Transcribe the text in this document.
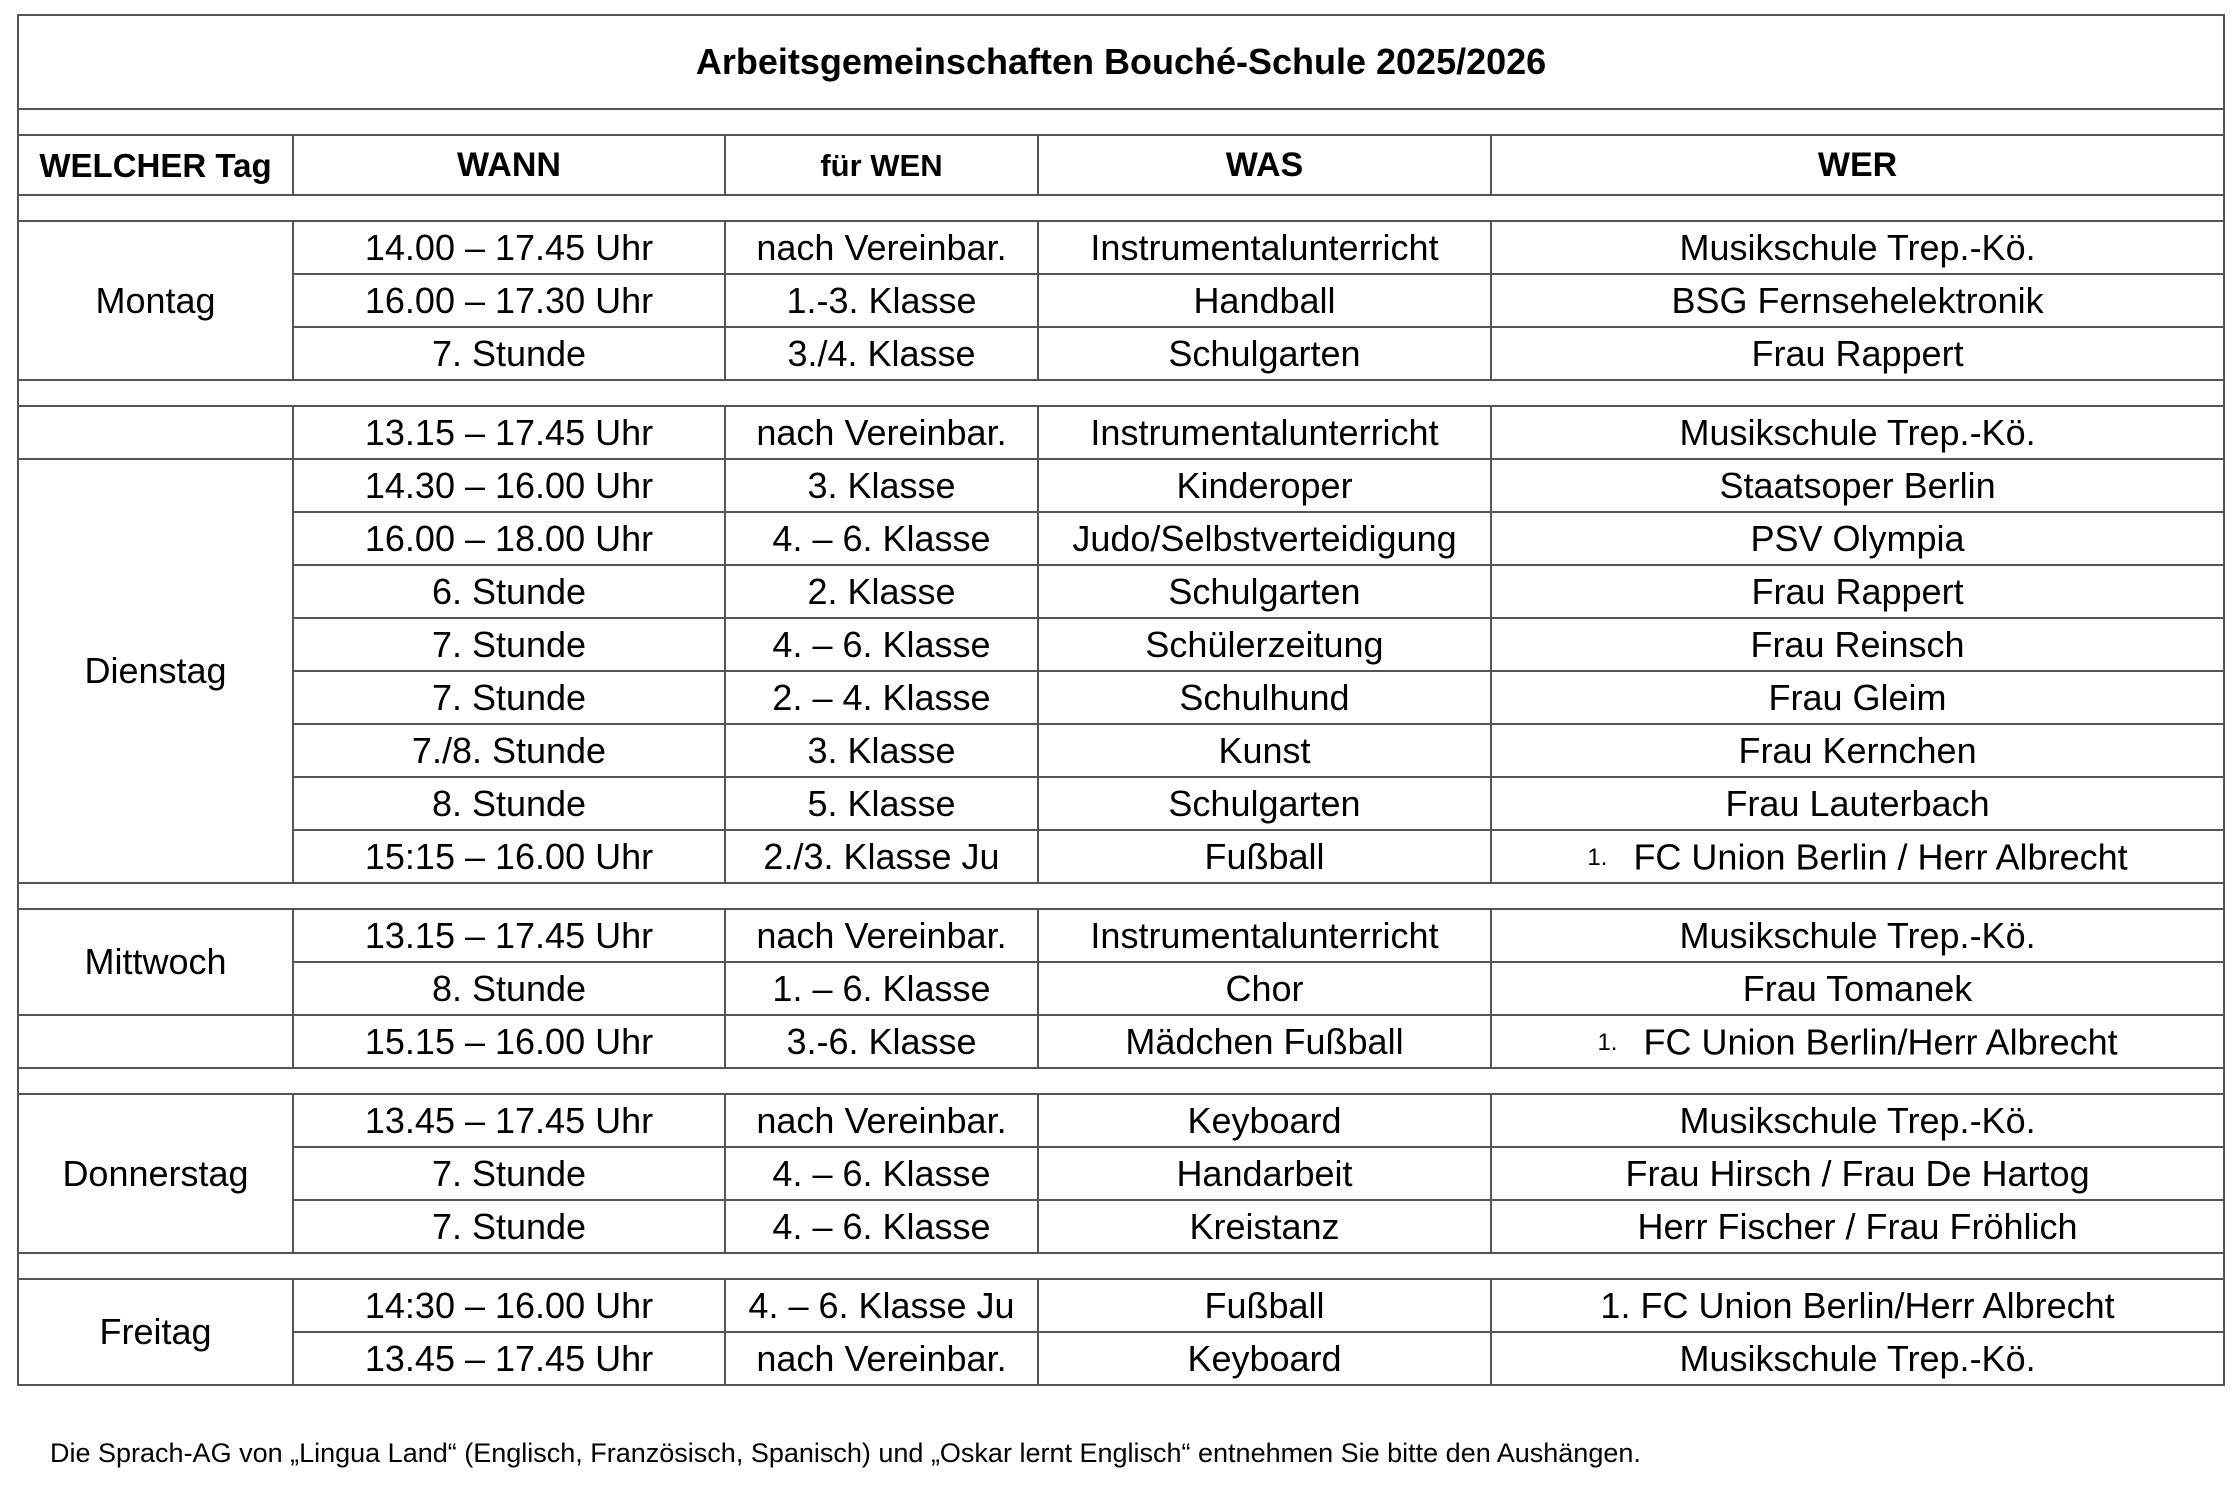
Arbeitsgemeinschaften Bouché-Schule 2025/2026				

WELCHER Tag	WANN	für WEN	WAS	WER

Montag	14.00 – 17.45 Uhr	nach Vereinbar.	Instrumentalunterricht	Musikschule Trep.-Kö.
	16.00 – 17.30 Uhr	1.-3. Klasse	Handball	BSG Fernsehelektronik
	7. Stunde	3./4. Klasse	Schulgarten	Frau Rappert

	13.15 – 17.45 Uhr	nach Vereinbar.	Instrumentalunterricht	Musikschule Trep.-Kö.
Dienstag	14.30 – 16.00 Uhr	3. Klasse	Kinderoper	Staatsoper Berlin
	16.00 – 18.00 Uhr	4. – 6. Klasse	Judo/Selbstverteidigung	PSV Olympia
	6. Stunde	2. Klasse	Schulgarten	Frau Rappert
	7. Stunde	4. – 6. Klasse	Schülerzeitung	Frau Reinsch
	7. Stunde	2. – 4. Klasse	Schulhund	Frau Gleim
	7./8. Stunde	3. Klasse	Kunst	Frau Kernchen
	8. Stunde	5. Klasse	Schulgarten	Frau Lauterbach
	15:15 – 16.00 Uhr	2./3. Klasse Ju	Fußball	1. FC Union Berlin / Herr Albrecht

Mittwoch	13.15 – 17.45 Uhr	nach Vereinbar.	Instrumentalunterricht	Musikschule Trep.-Kö.
	8. Stunde	1. – 6. Klasse	Chor	Frau Tomanek
	15.15 – 16.00 Uhr	3.-6. Klasse	Mädchen Fußball	1. FC Union Berlin/Herr Albrecht

Donnerstag	13.45 – 17.45 Uhr	nach Vereinbar.	Keyboard	Musikschule Trep.-Kö.
	7. Stunde	4. – 6. Klasse	Handarbeit	Frau Hirsch / Frau De Hartog
	7. Stunde	4. – 6. Klasse	Kreistanz	Herr Fischer / Frau Fröhlich

Freitag	14:30 – 16.00 Uhr	4. – 6. Klasse Ju	Fußball	1. FC Union Berlin/Herr Albrecht
	13.45 – 17.45 Uhr	nach Vereinbar.	Keyboard	Musikschule Trep.-Kö.
Die Sprach-AG von „Lingua Land“ (Englisch, Französisch, Spanisch) und „Oskar lernt Englisch“ entnehmen Sie bitte den Aushängen.
